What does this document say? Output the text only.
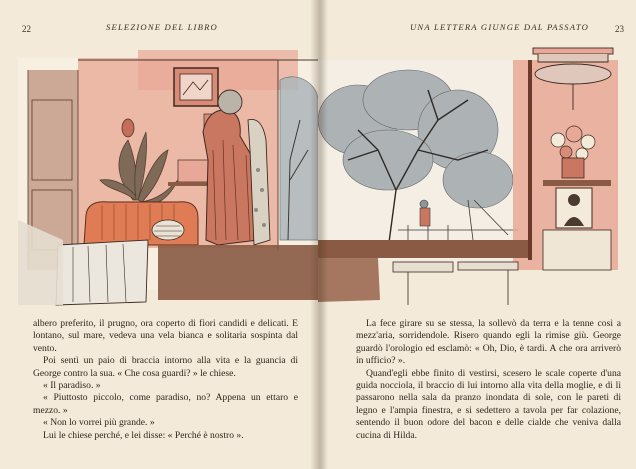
22	SELEZIONE DEL LIBRO

albero preferito, il prugno, ora coperto di fiori candidi e delicati. E lontano, sul mare, vedeva una vela bianca e solitaria sospinta dal vento.

Poi sentì un paio di braccia intorno alla vita e la guancia di George contro la sua. « Che cosa guardi? » le chiese.

« Il paradiso. »

« Piuttosto piccolo, come paradiso, no? Appena un ettaro e mezzo. »

« Non lo vorrei più grande. »

Lui le chiese perché, e lei disse: « Perché è nostro ».

UNA LETTERA GIUNGE DAL PASSATO	23

La fece girare su se stessa, la sollevò da terra e la tenne così a mezz'aria, sorridendole. Risero quando egli la rimise giù. George guardò l'orologio ed esclamò: « Oh, Dio, è tardi. A che ora arriverò in ufficio? ».

Quand'egli ebbe finito di vestirsi, scesero le scale coperte d'una guida nocciola, il braccio di lui intorno alla vita della moglie, e di lì passarono nella sala da pranzo inondata di sole, con le pareti di legno e l'ampia finestra, e si sedettero a tavola per far colazione, sentendo il buon odore del bacon e delle cialde che veniva dalla cucina di Hilda.
